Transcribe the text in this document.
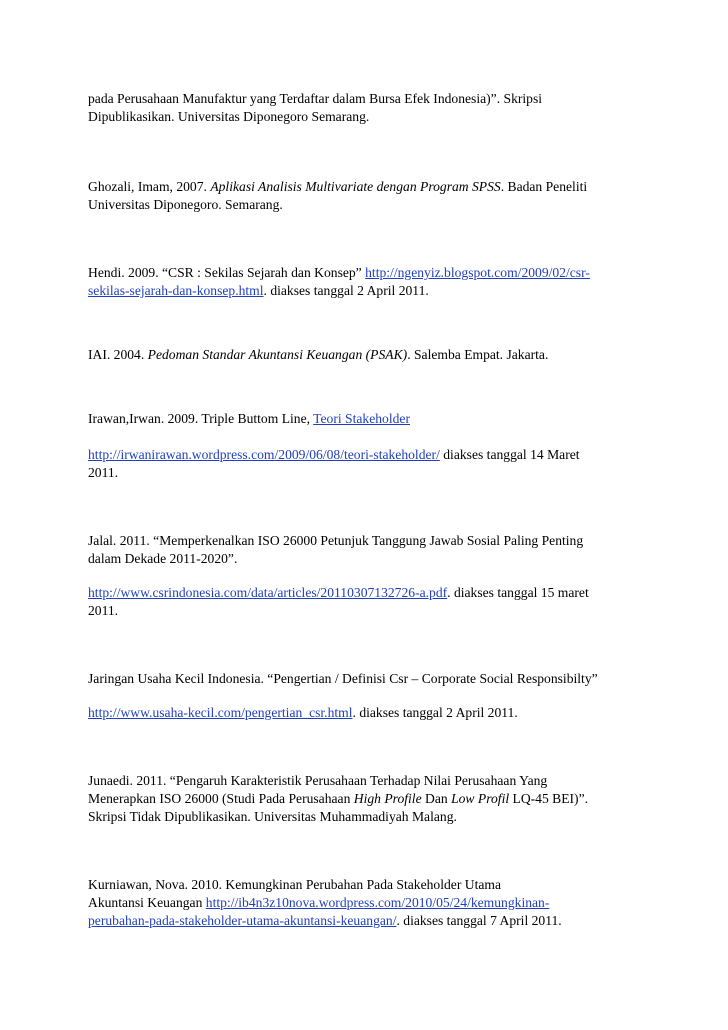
pada Perusahaan Manufaktur yang Terdaftar dalam Bursa Efek Indonesia)”. Skripsi
Dipublikasikan. Universitas Diponegoro Semarang.
Ghozali, Imam, 2007. Aplikasi Analisis Multivariate dengan Program SPSS. Badan Peneliti
Universitas Diponegoro. Semarang.
Hendi. 2009. “CSR : Sekilas Sejarah dan Konsep” http://ngenyiz.blogspot.com/2009/02/csr-
sekilas-sejarah-dan-konsep.html. diakses tanggal 2 April 2011.
IAI. 2004. Pedoman Standar Akuntansi Keuangan (PSAK). Salemba Empat. Jakarta.
Irawan,Irwan. 2009. Triple Buttom Line, Teori Stakeholder
http://irwanirawan.wordpress.com/2009/06/08/teori-stakeholder/ diakses tanggal 14 Maret
2011.
Jalal. 2011. “Memperkenalkan ISO 26000 Petunjuk Tanggung Jawab Sosial Paling Penting
dalam Dekade 2011-2020”.
http://www.csrindonesia.com/data/articles/20110307132726-a.pdf. diakses tanggal 15 maret
2011.
Jaringan Usaha Kecil Indonesia. “Pengertian / Definisi Csr – Corporate Social Responsibilty”
http://www.usaha-kecil.com/pengertian_csr.html. diakses tanggal 2 April 2011.
Junaedi. 2011. “Pengaruh Karakteristik Perusahaan Terhadap Nilai Perusahaan Yang
Menerapkan ISO 26000 (Studi Pada Perusahaan High Profile Dan Low Profil LQ-45 BEI)”.
Skripsi Tidak Dipublikasikan. Universitas Muhammadiyah Malang.
Kurniawan, Nova. 2010. Kemungkinan Perubahan Pada Stakeholder Utama
Akuntansi Keuangan http://ib4n3z10nova.wordpress.com/2010/05/24/kemungkinan-
perubahan-pada-stakeholder-utama-akuntansi-keuangan/. diakses tanggal 7 April 2011.
